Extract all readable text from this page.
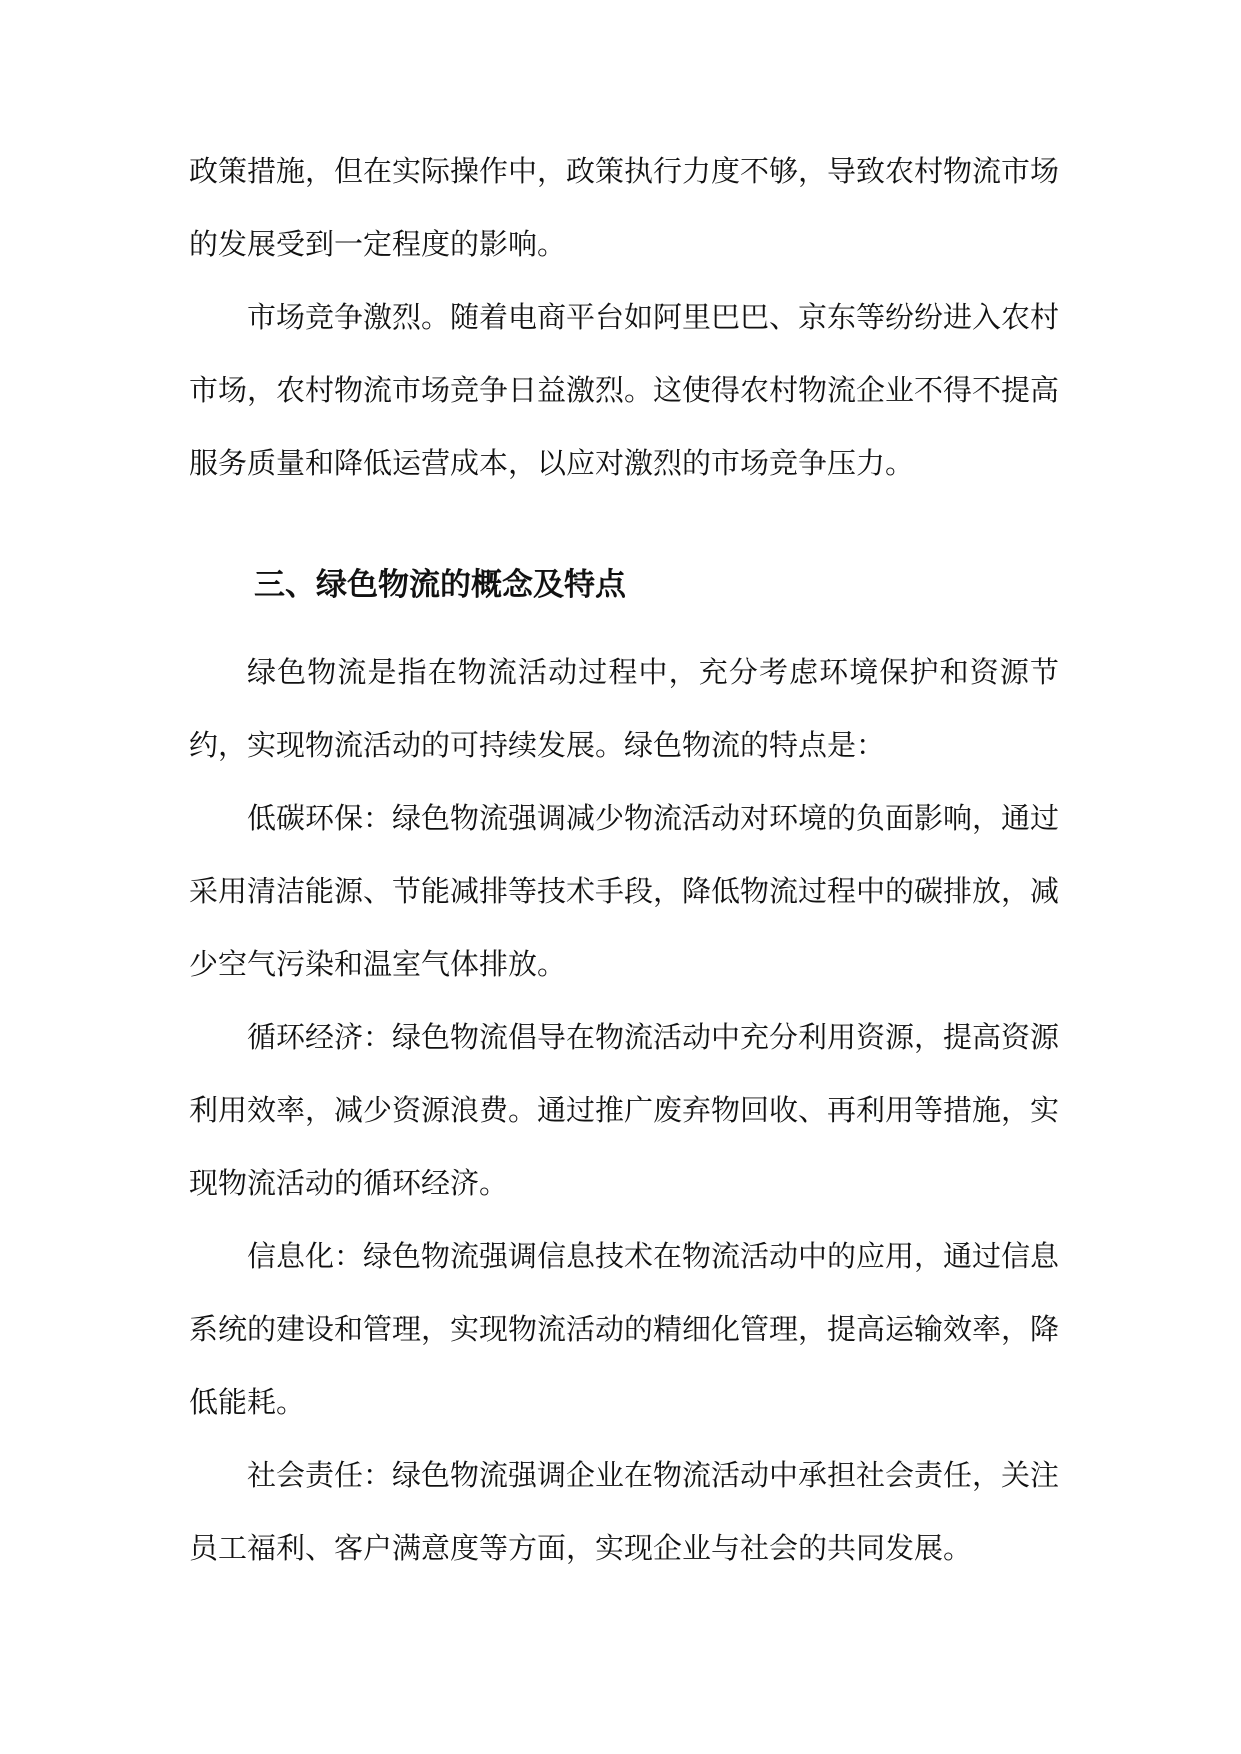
政策措施，但在实际操作中，政策执行力度不够，导致农村物流市场的发展受到一定程度的影响。

市场竞争激烈。随着电商平台如阿里巴巴、京东等纷纷进入农村市场，农村物流市场竞争日益激烈。这使得农村物流企业不得不提高服务质量和降低运营成本，以应对激烈的市场竞争压力。

三、绿色物流的概念及特点

绿色物流是指在物流活动过程中，充分考虑环境保护和资源节约，实现物流活动的可持续发展。绿色物流的特点是：

低碳环保：绿色物流强调减少物流活动对环境的负面影响，通过采用清洁能源、节能减排等技术手段，降低物流过程中的碳排放，减少空气污染和温室气体排放。

循环经济：绿色物流倡导在物流活动中充分利用资源，提高资源利用效率，减少资源浪费。通过推广废弃物回收、再利用等措施，实现物流活动的循环经济。

信息化：绿色物流强调信息技术在物流活动中的应用，通过信息系统的建设和管理，实现物流活动的精细化管理，提高运输效率，降低能耗。

社会责任：绿色物流强调企业在物流活动中承担社会责任，关注员工福利、客户满意度等方面，实现企业与社会的共同发展。
